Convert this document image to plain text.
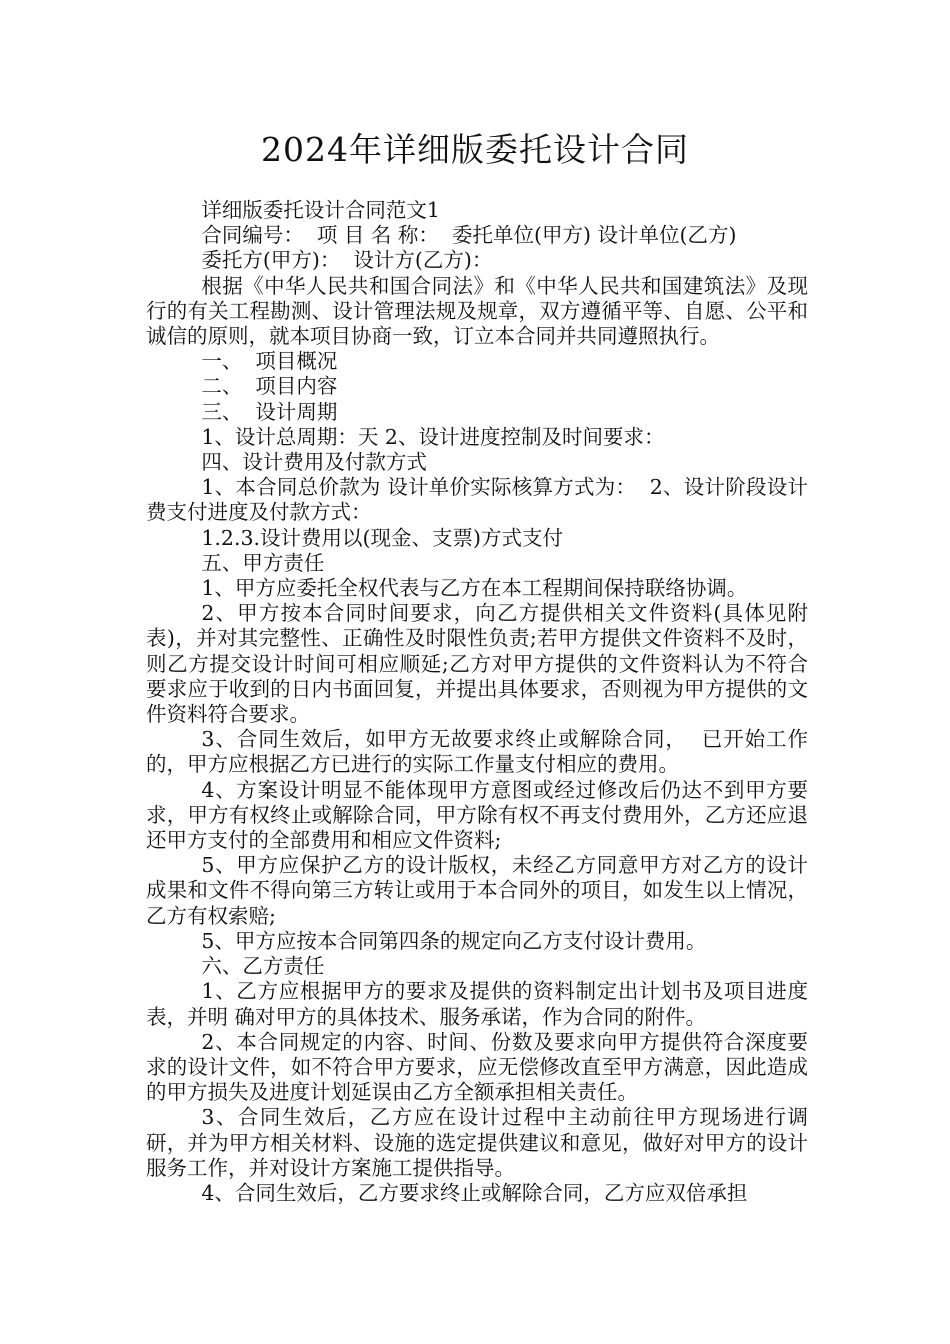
2024年详细版委托设计合同

详细版委托设计合同范文1

合同编号：  项 目 名 称：  委托单位(甲方) 设计单位(乙方)

委托方(甲方)：  设计方(乙方)：

根据《中华人民共和国合同法》和《中华人民共和国建筑法》及现行的有关工程勘测、设计管理法规及规章，双方遵循平等、自愿、公平和诚信的原则，就本项目协商一致，订立本合同并共同遵照执行。

一、  项目概况

二、  项目内容

三、  设计周期

1、设计总周期：天 2、设计进度控制及时间要求：

四、设计费用及付款方式

1、本合同总价款为 设计单价实际核算方式为：  2、设计阶段设计费支付进度及付款方式：

1.2.3.设计费用以(现金、支票)方式支付

五、甲方责任

1、甲方应委托全权代表与乙方在本工程期间保持联络协调。

2、甲方按本合同时间要求，向乙方提供相关文件资料(具体见附表)，并对其完整性、正确性及时限性负责;若甲方提供文件资料不及时，则乙方提交设计时间可相应顺延;乙方对甲方提供的文件资料认为不符合要求应于收到的日内书面回复，并提出具体要求，否则视为甲方提供的文件资料符合要求。

3、合同生效后，如甲方无故要求终止或解除合同，  已开始工作的，甲方应根据乙方已进行的实际工作量支付相应的费用。

4、方案设计明显不能体现甲方意图或经过修改后仍达不到甲方要求，甲方有权终止或解除合同，甲方除有权不再支付费用外，乙方还应退还甲方支付的全部费用和相应文件资料;

5、甲方应保护乙方的设计版权，未经乙方同意甲方对乙方的设计成果和文件不得向第三方转让或用于本合同外的项目，如发生以上情况，乙方有权索赔;

5、甲方应按本合同第四条的规定向乙方支付设计费用。

六、乙方责任

1、乙方应根据甲方的要求及提供的资料制定出计划书及项目进度表，并明 确对甲方的具体技术、服务承诺，作为合同的附件。

2、本合同规定的内容、时间、份数及要求向甲方提供符合深度要求的设计文件，如不符合甲方要求，应无偿修改直至甲方满意，因此造成的甲方损失及进度计划延误由乙方全额承担相关责任。

3、合同生效后，乙方应在设计过程中主动前往甲方现场进行调研，并为甲方相关材料、设施的选定提供建议和意见，做好对甲方的设计服务工作，并对设计方案施工提供指导。

4、合同生效后，乙方要求终止或解除合同，乙方应双倍承担
